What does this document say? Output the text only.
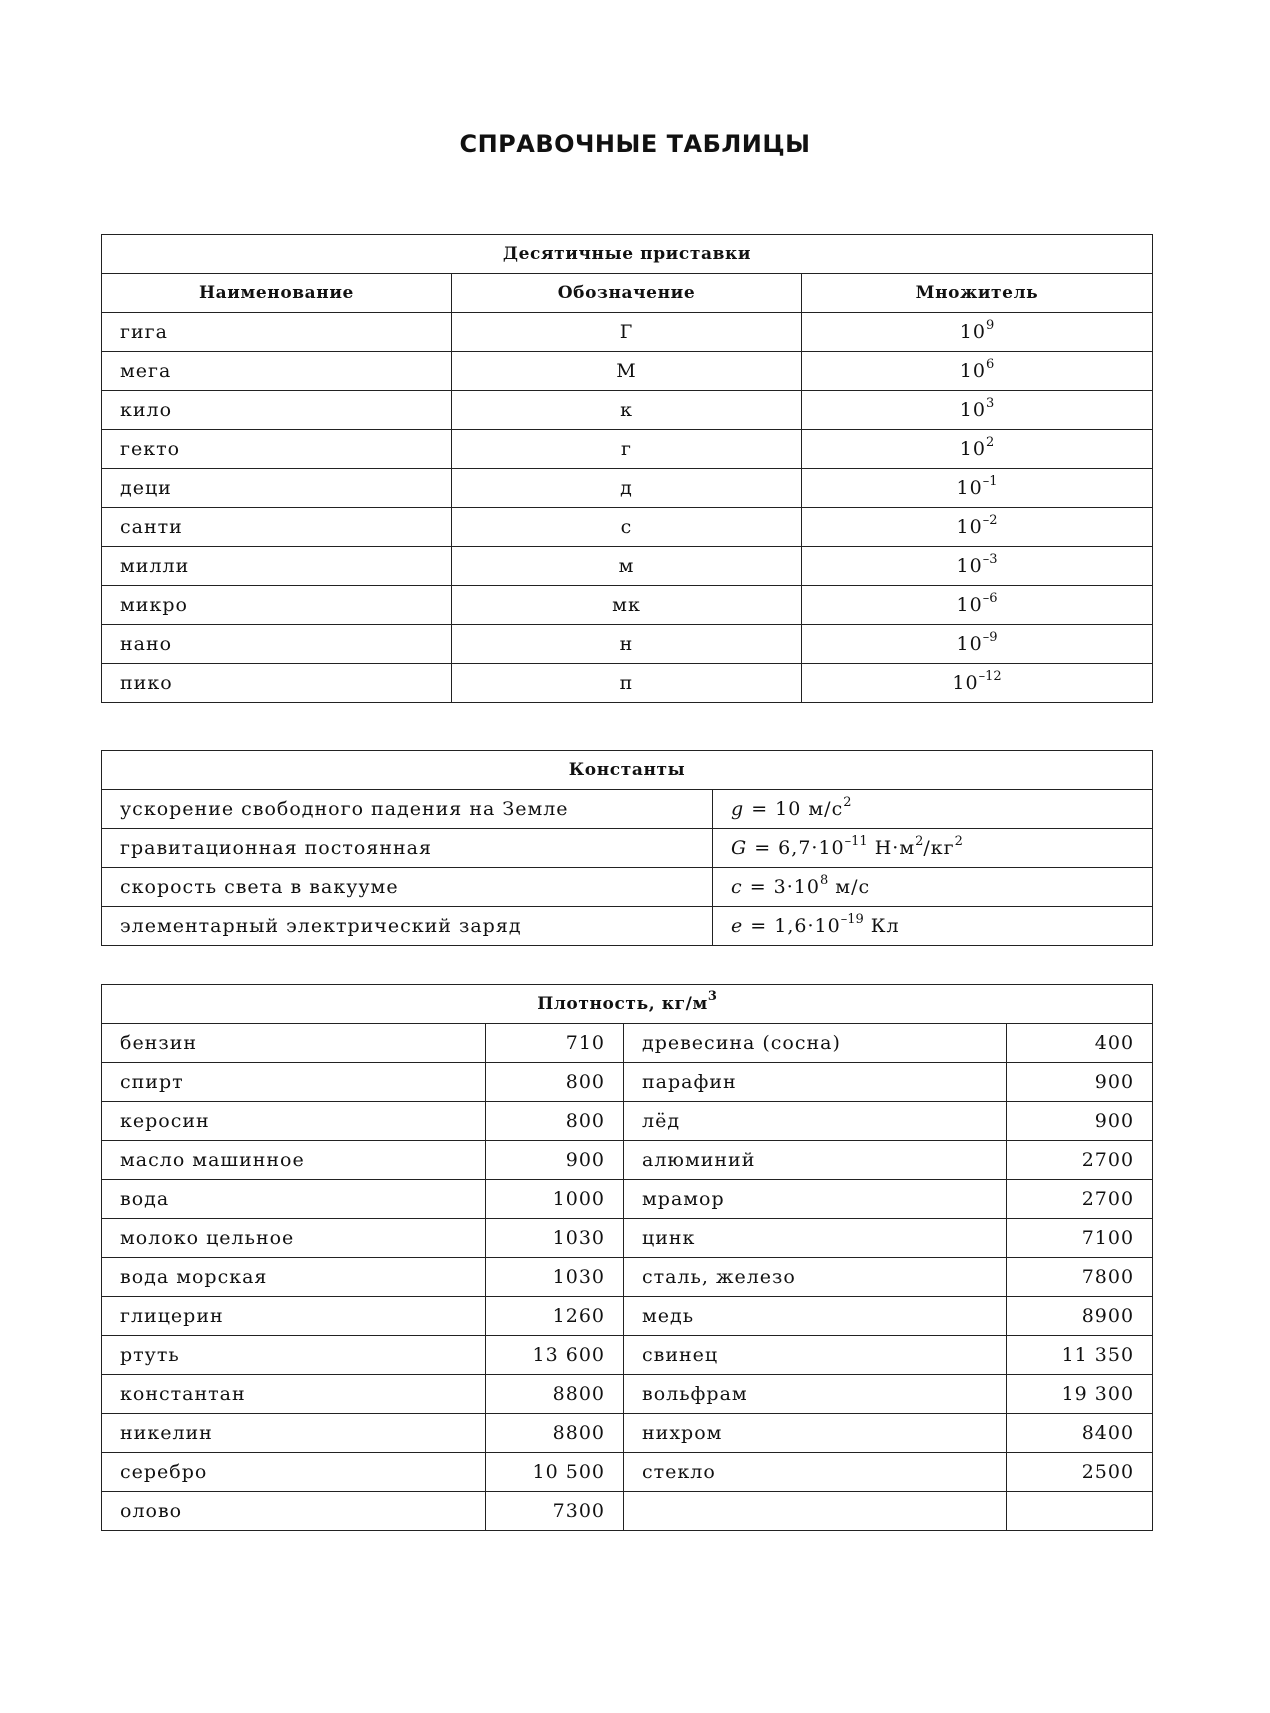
СПРАВОЧНЫЕ ТАБЛИЦЫ
Десятичные приставки		
Наименование	Обозначение	Множитель
гига	Г	$10^9$
мега	М	$10^6$
кило	к	$10^3$
гекто	г	$10^2$
деци	д	$10^{-1}$
санти	с	$10^{-2}$
милли	м	$10^{-3}$
микро	мк	$10^{-6}$
нано	н	$10^{-9}$
пико	п	$10^{-12}$
Константы	
ускорение свободного падения на Земле	g = 10 $м/с^2$
гравитационная постоянная	$G = 6,7\cdot 10^{-11}$ $Н\cdot м^2/кг^2$
скорость света в вакууме	$c = 3\cdot 10^8$ м/с
элементарный электрический заряд	$e = 1,6\cdot 10^{-19}$ Кл
Плотность, $кг/м^3$
бензин	710	древесина (сосна)	400
спирт	800	парафин	900
керосин	800	лёд	900
масло машинное	900	алюминий	2700
вода	1000	мрамор	2700
молоко цельное	1030	цинк	7100
вода морская	1030	сталь, железо	7800
глицерин	1260	медь	8900
ртуть	13 600	свинец	11 350
константан	8800	вольфрам	19 300
никелин	8800	нихром	8400
серебро	10 500	стекло	2500
олово	7300		
